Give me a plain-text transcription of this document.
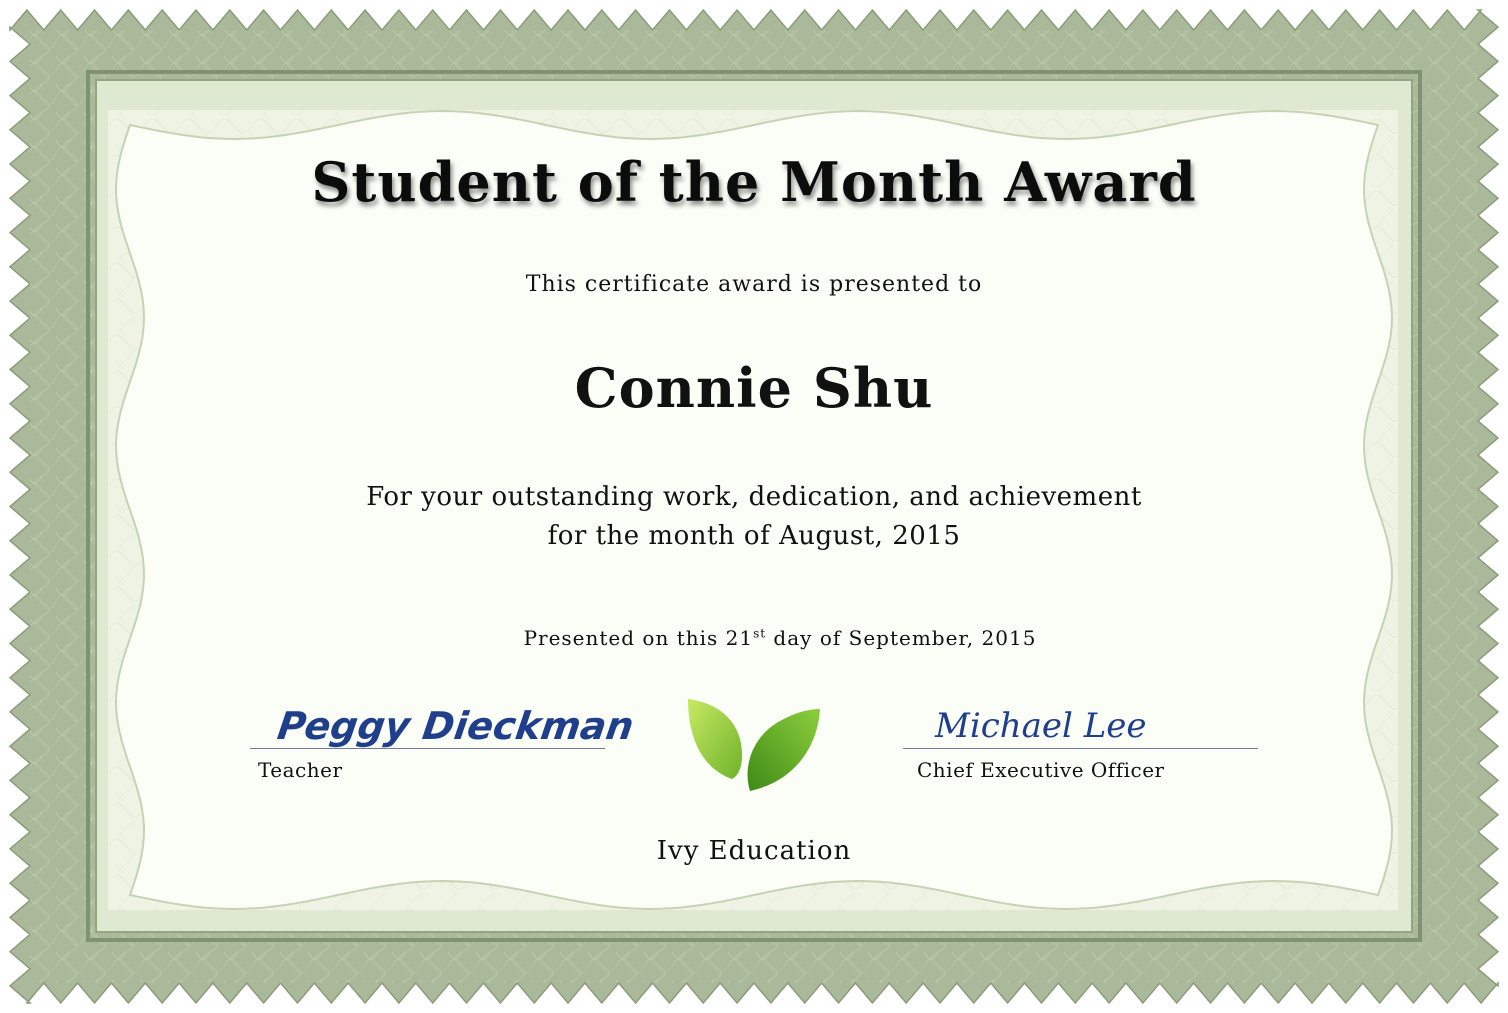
Student of the Month Award
This certificate award is presented to
Connie Shu
For your outstanding work, dedication, and achievement
for the month of August, 2015
Presented on this 21st day of September, 2015
Peggy Dieckman
Teacher
Michael Lee
Chief Executive Officer
Ivy Education
